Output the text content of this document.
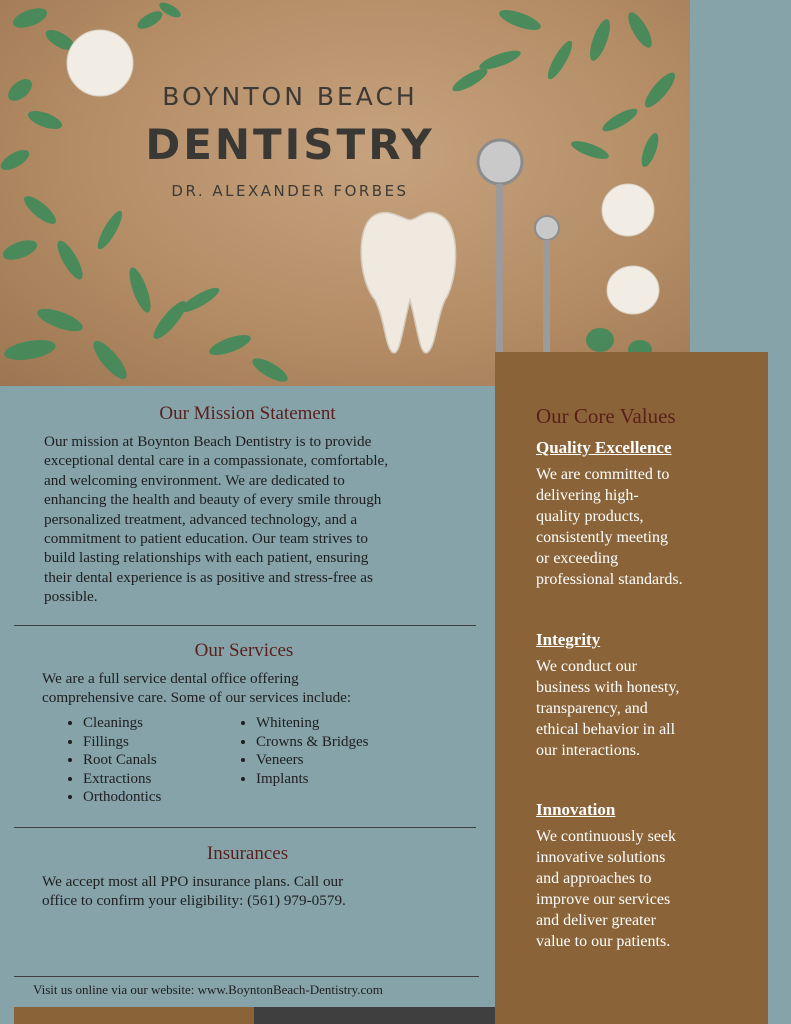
BOYNTON BEACH
DENTISTRY
DR. ALEXANDER FORBES
Our Core Values
Quality Excellence

We are committed to
delivering high-
quality products,
consistently meeting
or exceeding
professional standards.

Integrity

We conduct our
business with honesty,
transparency, and
ethical behavior in all
our interactions.

Innovation

We continuously seek
innovative solutions
and approaches to
improve our services
and deliver greater
value to our patients.

Our Mission Statement
Our mission at Boynton Beach Dentistry is to provide
exceptional dental care in a compassionate, comfortable,
and welcoming environment. We are dedicated to
enhancing the health and beauty of every smile through
personalized treatment, advanced technology, and a
commitment to patient education. Our team strives to
build lasting relationships with each patient, ensuring
their dental experience is as positive and stress-free as
possible.
Our Services
We are a full service dental office offering
comprehensive care. Some of our services include:
• Cleanings
• Fillings
• Root Canals
• Extractions
• Orthodontics
• Whitening
• Crowns & Bridges
• Veneers
• Implants
Insurances
We accept most all PPO insurance plans. Call our
office to confirm your eligibility: (561) 979-0579.
Visit us online via our website: www.BoyntonBeach-Dentistry.com
